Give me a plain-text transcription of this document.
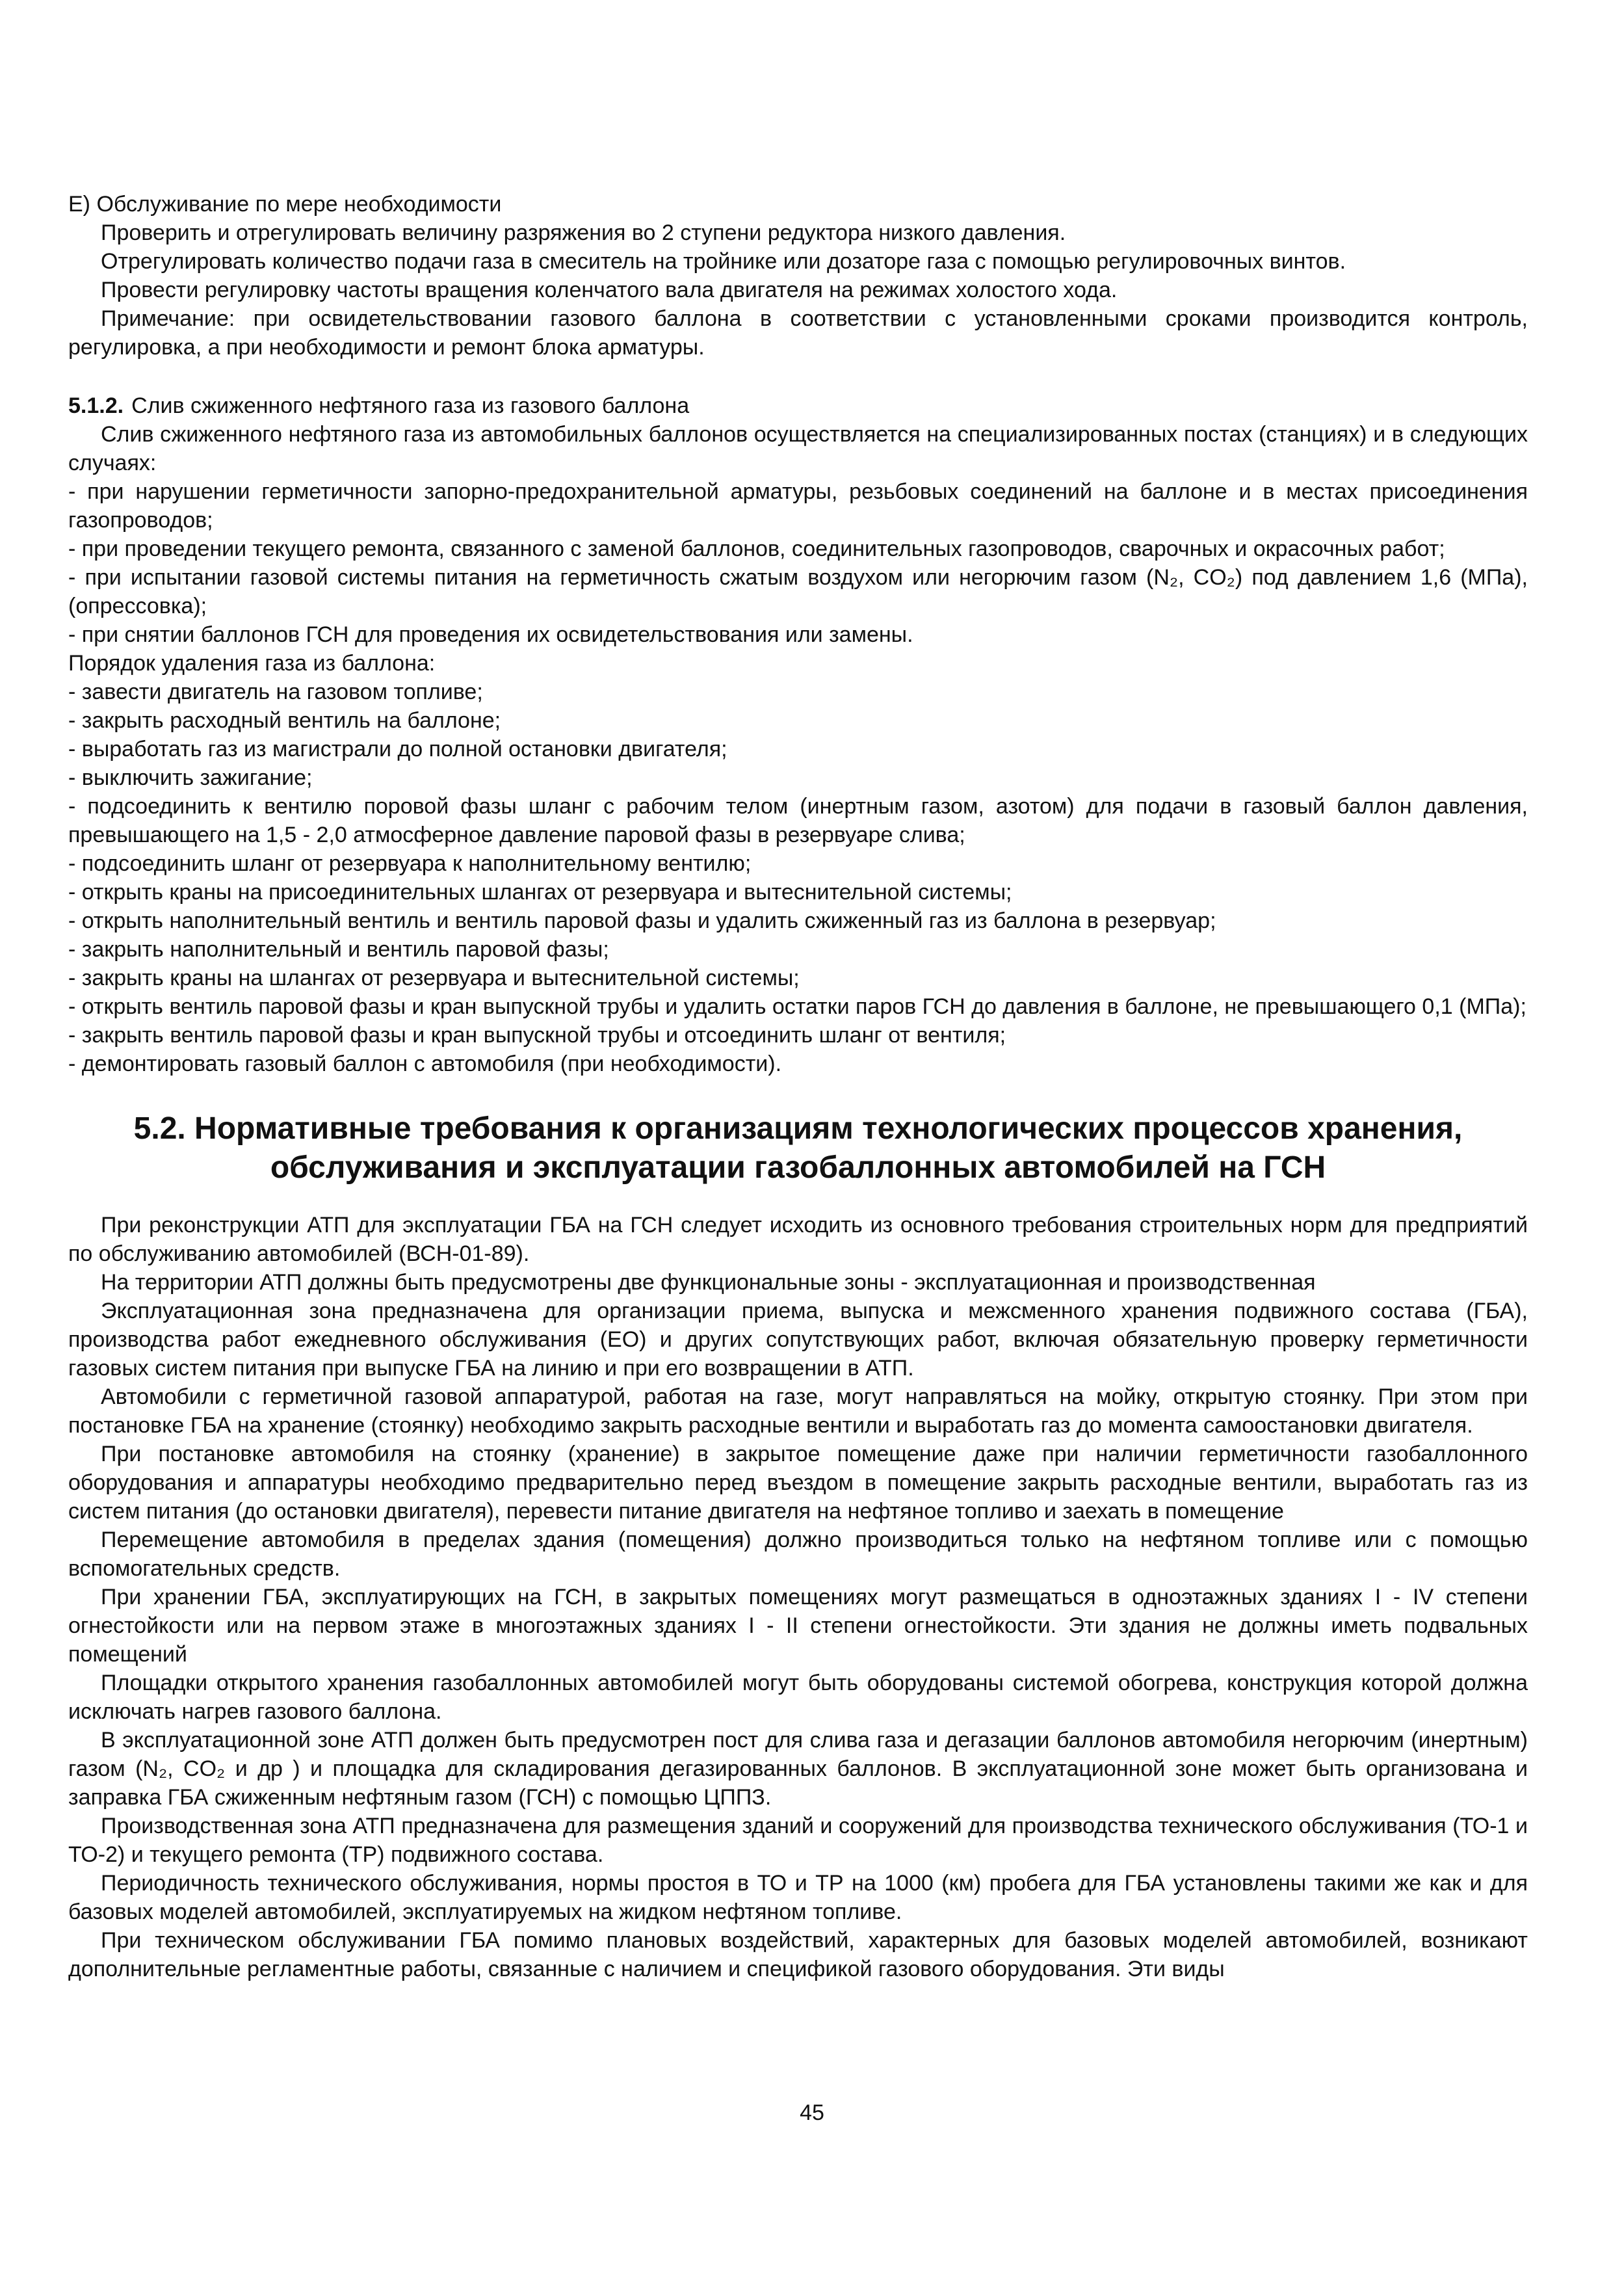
Е) Обслуживание по мере необходимости

Проверить и отрегулировать величину разряжения во 2 ступени редуктора низкого давления.

Отрегулировать количество подачи газа в смеситель на тройнике или дозаторе газа с помощью регулировочных винтов.

Провести регулировку частоты вращения коленчатого вала двигателя на режимах холостого хода.

Примечание: при освидетельствовании газового баллона в соответствии с установленными сроками производится контроль, регулировка, а при необходимости и ремонт блока арматуры.

5.1.2. Слив сжиженного нефтяного газа из газового баллона

Слив сжиженного нефтяного газа из автомобильных баллонов осуществляется на специализированных постах (станциях) и в следующих случаях:

- при нарушении герметичности запорно-предохранительной арматуры, резьбовых соединений на баллоне и в местах присоединения газопроводов;

- при проведении текущего ремонта, связанного с заменой баллонов, соединительных газопроводов, сварочных и окрасочных работ;

- при испытании газовой системы питания на герметичность сжатым воздухом или негорючим газом (N₂, CO₂) под давлением 1,6 (МПа), (опрессовка);

- при снятии баллонов ГСН для проведения их освидетельствования или замены.

Порядок удаления газа из баллона:

- завести двигатель на газовом топливе;

- закрыть расходный вентиль на баллоне;

- выработать газ из магистрали до полной остановки двигателя;

- выключить зажигание;

- подсоединить к вентилю поровой фазы шланг с рабочим телом (инертным газом, азотом) для подачи в газовый баллон давления, превышающего на 1,5 - 2,0 атмосферное давление паровой фазы в резервуаре слива;

- подсоединить шланг от резервуара к наполнительному вентилю;

- открыть краны на присоединительных шлангах от резервуара и вытеснительной системы;

- открыть наполнительный вентиль и вентиль паровой фазы и удалить сжиженный газ из баллона в резервуар;

- закрыть наполнительный и вентиль паровой фазы;

- закрыть краны на шлангах от резервуара и вытеснительной системы;

- открыть вентиль паровой фазы и кран выпускной трубы и удалить остатки паров ГСН до давления в баллоне, не превышающего 0,1 (МПа);

- закрыть вентиль паровой фазы и кран выпускной трубы и отсоединить шланг от вентиля;

- демонтировать газовый баллон с автомобиля (при необходимости).

5.2. Нормативные требования к организациям технологических процессов хранения,
обслуживания и эксплуатации газобаллонных автомобилей на ГСН

При реконструкции АТП для эксплуатации ГБА на ГСН следует исходить из основного требования строительных норм для предприятий по обслуживанию автомобилей (ВСН-01-89).

На территории АТП должны быть предусмотрены две функциональные зоны - эксплуатационная и производственная

Эксплуатационная зона предназначена для организации приема, выпуска и межсменного хранения подвижного состава (ГБА), производства работ ежедневного обслуживания (ЕО) и других сопутствующих работ, включая обязательную проверку герметичности газовых систем питания при выпуске ГБА на линию и при его возвращении в АТП.

Автомобили с герметичной газовой аппаратурой, работая на газе, могут направляться на мойку, открытую стоянку. При этом при постановке ГБА на хранение (стоянку) необходимо закрыть расходные вентили и выработать газ до момента самоостановки двигателя.

При постановке автомобиля на стоянку (хранение) в закрытое помещение даже при наличии герметичности газобаллонного оборудования и аппаратуры необходимо предварительно перед въездом в помещение закрыть расходные вентили, выработать газ из систем питания (до остановки двигателя), перевести питание двигателя на нефтяное топливо и заехать в помещение

Перемещение автомобиля в пределах здания (помещения) должно производиться только на нефтяном топливе или с помощью вспомогательных средств.

При хранении ГБА, эксплуатирующих на ГСН, в закрытых помещениях могут размещаться в одноэтажных зданиях I - IV степени огнестойкости или на первом этаже в многоэтажных зданиях I - II степени огнестойкости. Эти здания не должны иметь подвальных помещений

Площадки открытого хранения газобаллонных автомобилей могут быть оборудованы системой обогрева, конструкция которой должна исключать нагрев газового баллона.

В эксплуатационной зоне АТП должен быть предусмотрен пост для слива газа и дегазации баллонов автомобиля негорючим (инертным) газом (N₂, CO₂ и др ) и площадка для складирования дегазированных баллонов. В эксплуатационной зоне может быть организована и заправка ГБА сжиженным нефтяным газом (ГСН) с помощью ЦППЗ.

Производственная зона АТП предназначена для размещения зданий и сооружений для производства технического обслуживания (ТО-1 и ТО-2) и текущего ремонта (ТР) подвижного состава.

Периодичность технического обслуживания, нормы простоя в ТО и ТР на 1000 (км) пробега для ГБА установлены такими же как и для базовых моделей автомобилей, эксплуатируемых на жидком нефтяном топливе.

При техническом обслуживании ГБА помимо плановых воздействий, характерных для базовых моделей автомобилей, возникают дополнительные регламентные работы, связанные с наличием и спецификой газового оборудования. Эти виды

45
